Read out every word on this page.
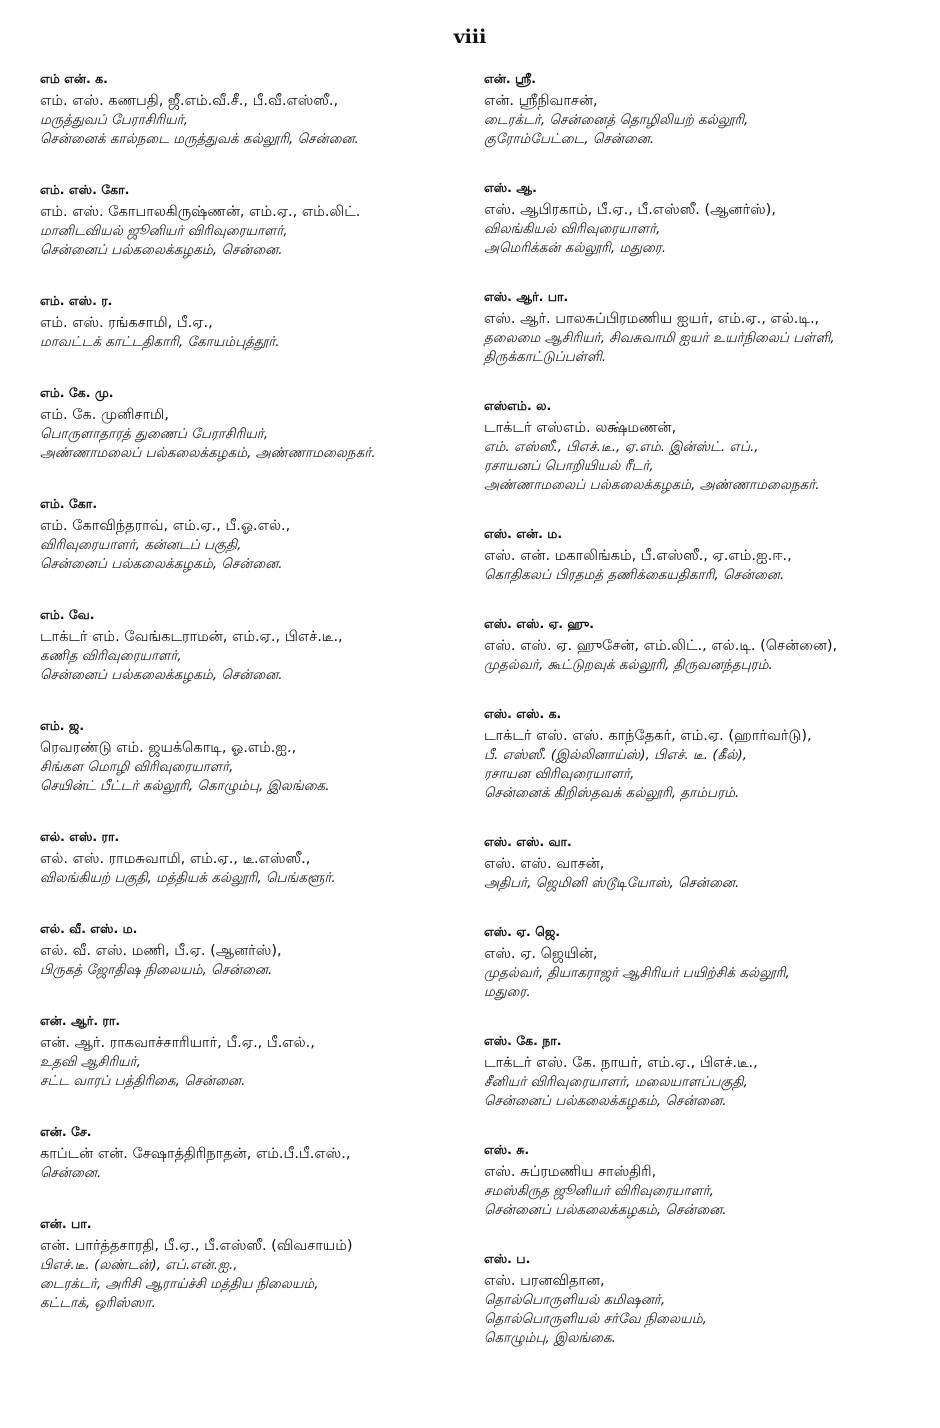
viii
எம் என். க.
எம். எஸ். கணபதி, ஜீ.எம்.வீ.சீ., பீ.வீ.எஸ்ஸீ.,
மருத்துவப் பேராசிரியர்,
சென்னைக் கால்நடை மருத்துவக் கல்லூரி, சென்னை.
எம். எஸ். கோ.
எம். எஸ். கோபாலகிருஷ்ணன், எம்.ஏ., எம்.லிட்.
மானிடவியல் ஜூனியர் விரிவுரையாளர்,
சென்னைப் பல்கலைக்கழகம், சென்னை.
எம். எஸ். ர.
எம். எஸ். ரங்கசாமி, பீ.ஏ.,
மாவட்டக் காட்டதிகாரி, கோயம்புத்தூர்.
எம். கே. மு.
எம். கே. முனிசாமி,
பொருளாதாரத் துணைப் பேராசிரியர்,
அண்ணாமலைப் பல்கலைக்கழகம், அண்ணாமலைநகர்.
எம். கோ.
எம். கோவிந்தராவ், எம்.ஏ., பீ.ஓ.எல்.,
விரிவுரையாளர், கன்னடப் பகுதி,
சென்னைப் பல்கலைக்கழகம், சென்னை.
எம். வே.
டாக்டர் எம். வேங்கடராமன், எம்.ஏ., பிஎச்.டீ.,
கணித விரிவுரையாளர்,
சென்னைப் பல்கலைக்கழகம், சென்னை.
எம். ஜ.
ரெவரண்டு எம். ஜயக்கொடி, ஓ.எம்.ஐ.,
சிங்கள மொழி விரிவுரையாளர்,
செயின்ட் பீட்டர் கல்லூரி, கொழும்பு, இலங்கை.
எல். எஸ். ரா.
எல். எஸ். ராமசுவாமி, எம்.ஏ., டீ.எஸ்ஸீ.,
விலங்கியற் பகுதி, மத்தியக் கல்லூரி, பெங்களூர்.
எல். வீ. எஸ். ம.
எல். வீ. எஸ். மணி, பீ.ஏ. (ஆனர்ஸ்),
பிருகத் ஜோதிஷ நிலையம், சென்னை.
என். ஆர். ரா.
என். ஆர். ராகவாச்சாரியார், பீ.ஏ., பீ.எல்.,
உதவி ஆசிரியர்,
சட்ட வாரப் பத்திரிகை, சென்னை.
என். சே.
காப்டன் என். சேஷாத்திரிநாதன், எம்.பீ.பீ.எஸ்.,
சென்னை.
என். பா.
என். பார்த்தசாரதி, பீ.ஏ., பீ.எஸ்ஸீ. (விவசாயம்)
பிஎச்.டீ. (லண்டன்), எப்.என்.ஐ.,
டைரக்டர், அரிசி ஆராய்ச்சி மத்திய நிலையம்,
கட்டாக், ஒரிஸ்ஸா.
என். ஸ்ரீ.
என். ஸ்ரீநிவாசன்,
டைரக்டர், சென்னைத் தொழிலியற் கல்லூரி,
குரோம்பேட்டை, சென்னை.
எஸ். ஆ.
எஸ். ஆபிரகாம், பீ.ஏ., பீ.எஸ்ஸீ. (ஆனர்ஸ்),
விலங்கியல் விரிவுரையாளர்,
அமெரிக்கன் கல்லூரி, மதுரை.
எஸ். ஆர். பா.
எஸ். ஆர். பாலசுப்பிரமணிய ஐயர், எம்.ஏ., எல்.டி.,
தலைமை ஆசிரியர், சிவசுவாமி ஐயர் உயர்நிலைப் பள்ளி,
திருக்காட்டுப்பள்ளி.
எஸ்எம். ல.
டாக்டர் எஸ்எம். லக்ஷ்மணன்,
எம். எஸ்ஸீ., பிஎச்.டீ., ஏ.எம். இன்ஸ்ட். எப்.,
ரசாயனப் பொறியியல் ரீடர்,
அண்ணாமலைப் பல்கலைக்கழகம், அண்ணாமலைநகர்.
எஸ். என். ம.
எஸ். என். மகாலிங்கம், பீ.எஸ்ஸீ., ஏ.எம்.ஐ.ஈ.,
கொதிகலப் பிரதமத் தணிக்கையதிகாரி, சென்னை.
எஸ். எஸ். ஏ. ஹு.
எஸ். எஸ். ஏ. ஹுசேன், எம்.லிட்., எல்.டி. (சென்னை),
முதல்வர், கூட்டுறவுக் கல்லூரி, திருவனந்தபுரம்.
எஸ். எஸ். க.
டாக்டர் எஸ். எஸ். காந்தேகர், எம்.ஏ. (ஹார்வர்டு),
பீ. எஸ்ஸீ. (இல்லினாய்ஸ்), பிஎச். டீ. (கீல்),
ரசாயன விரிவுரையாளர்,
சென்னைக் கிறிஸ்தவக் கல்லூரி, தாம்பரம்.
எஸ். எஸ். வா.
எஸ். எஸ். வாசன்,
அதிபர், ஜெமினி ஸ்டூடியோஸ், சென்னை.
எஸ். ஏ. ஜெ.
எஸ். ஏ. ஜெயின்,
முதல்வர், தியாகராஜர் ஆசிரியர் பயிற்சிக் கல்லூரி,
மதுரை.
எஸ். கே. நா.
டாக்டர் எஸ். கே. நாயர், எம்.ஏ., பிஎச்.டீ.,
சீனியர் விரிவுரையாளர், மலையாளப்பகுதி,
சென்னைப் பல்கலைக்கழகம், சென்னை.
எஸ். சு.
எஸ். சுப்ரமணிய சாஸ்திரி,
சமஸ்கிருத ஜூனியர் விரிவுரையாளர்,
சென்னைப் பல்கலைக்கழகம், சென்னை.
எஸ். ப.
எஸ். பரனவிதான,
தொல்பொருளியல் கமிஷனர்,
தொல்பொருளியல் சர்வே நிலையம்,
கொழும்பு, இலங்கை.
